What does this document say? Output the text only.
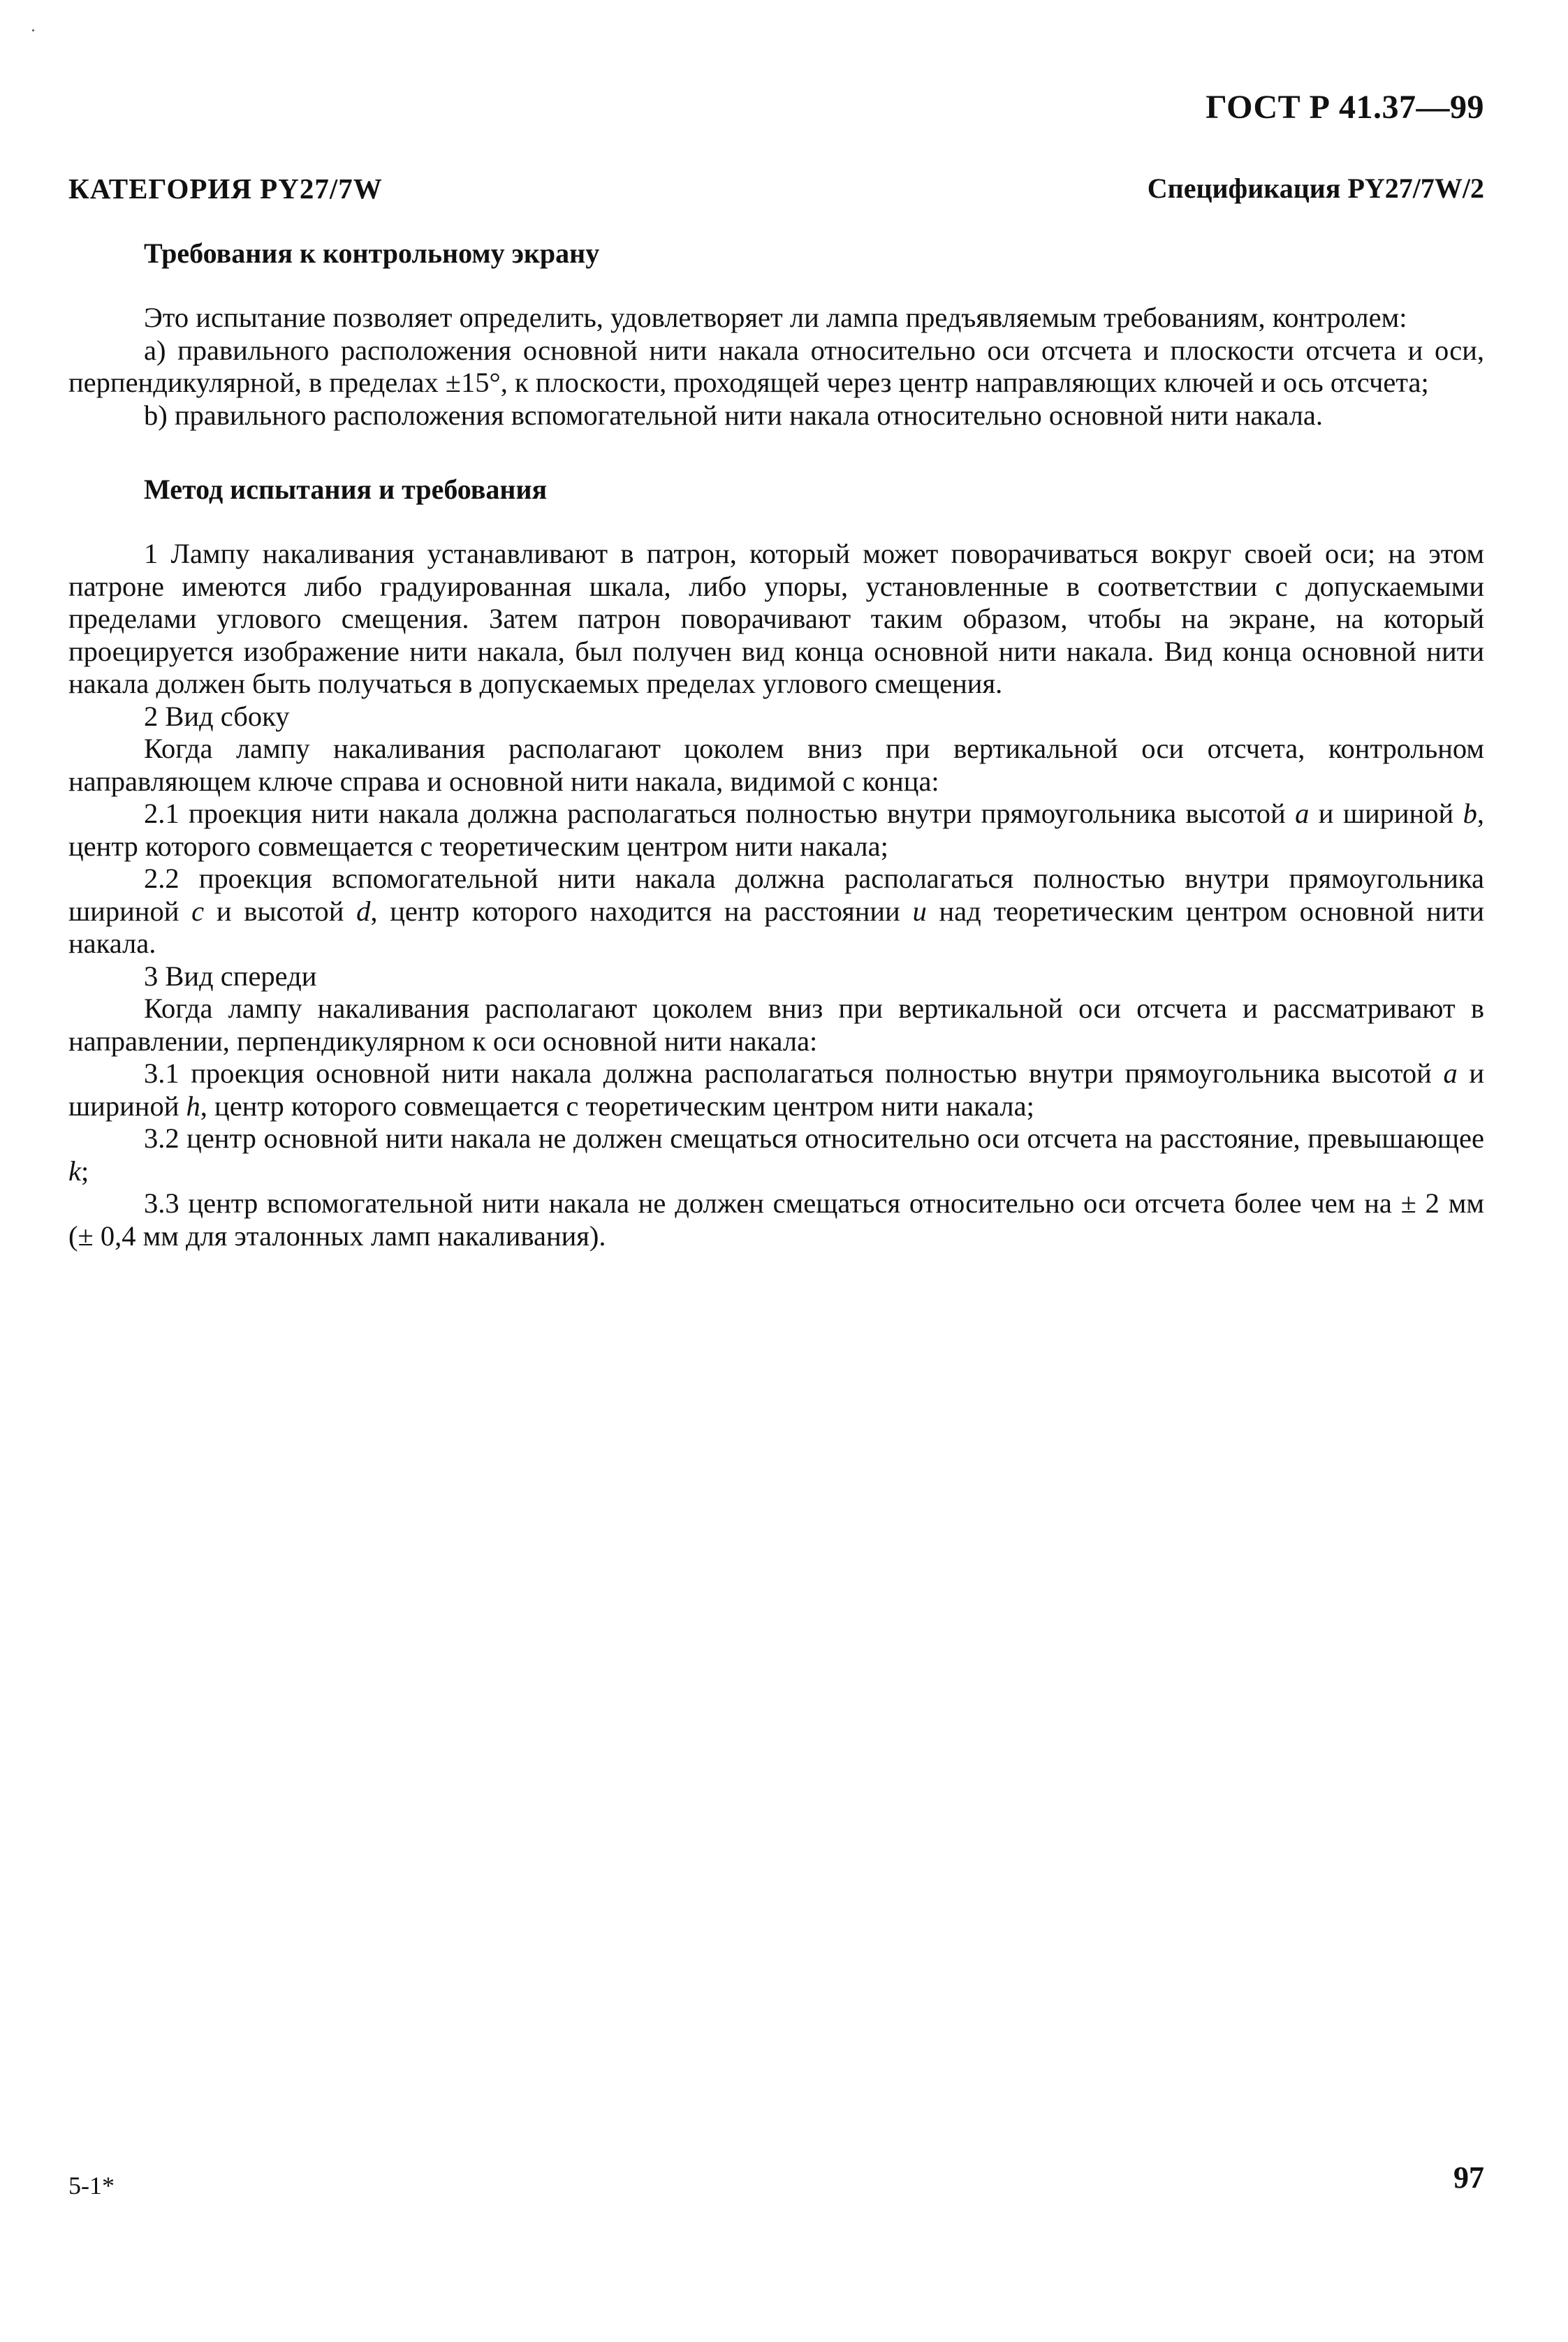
ГОСТ Р 41.37—99
КАТЕГОРИЯ PY27/7W	Спецификация PY27/7W/2
Требования к контрольному экрану

Это испытание позволяет определить, удовлетворяет ли лампа предъявляемым требованиям, контролем:

а) правильного расположения основной нити накала относительно оси отсчета и плоскости отсчета и оси, перпендикулярной, в пределах ±15°, к плоскости, проходящей через центр направляющих ключей и ось отсчета;

b) правильного расположения вспомогательной нити накала относительно основной нити накала.

Метод испытания и требования

1 Лампу накаливания устанавливают в патрон, который может поворачиваться вокруг своей оси; на этом патроне имеются либо градуированная шкала, либо упоры, установленные в соответствии с допускаемыми пределами углового смещения. Затем патрон поворачивают таким образом, чтобы на экране, на который проецируется изображение нити накала, был получен вид конца основной нити накала. Вид конца основной нити накала должен быть получаться в допускаемых пределах углового смещения.

2 Вид сбоку

Когда лампу накаливания располагают цоколем вниз при вертикальной оси отсчета, контрольном направляющем ключе справа и основной нити накала, видимой с конца:

2.1 проекция нити накала должна располагаться полностью внутри прямоугольника высотой a и шириной b, центр которого совмещается с теоретическим центром нити накала;

2.2 проекция вспомогательной нити накала должна располагаться полностью внутри прямоугольника шириной c и высотой d, центр которого находится на расстоянии u над теоретическим центром основной нити накала.

3 Вид спереди

Когда лампу накаливания располагают цоколем вниз при вертикальной оси отсчета и рассматривают в направлении, перпендикулярном к оси основной нити накала:

3.1 проекция основной нити накала должна располагаться полностью внутри прямоугольника высотой a и шириной h, центр которого совмещается с теоретическим центром нити накала;

3.2 центр основной нити накала не должен смещаться относительно оси отсчета на расстояние, превышающее k;

3.3 центр вспомогательной нити накала не должен смещаться относительно оси отсчета более чем на ± 2 мм (± 0,4 мм для эталонных ламп накаливания).

5-1*	97
